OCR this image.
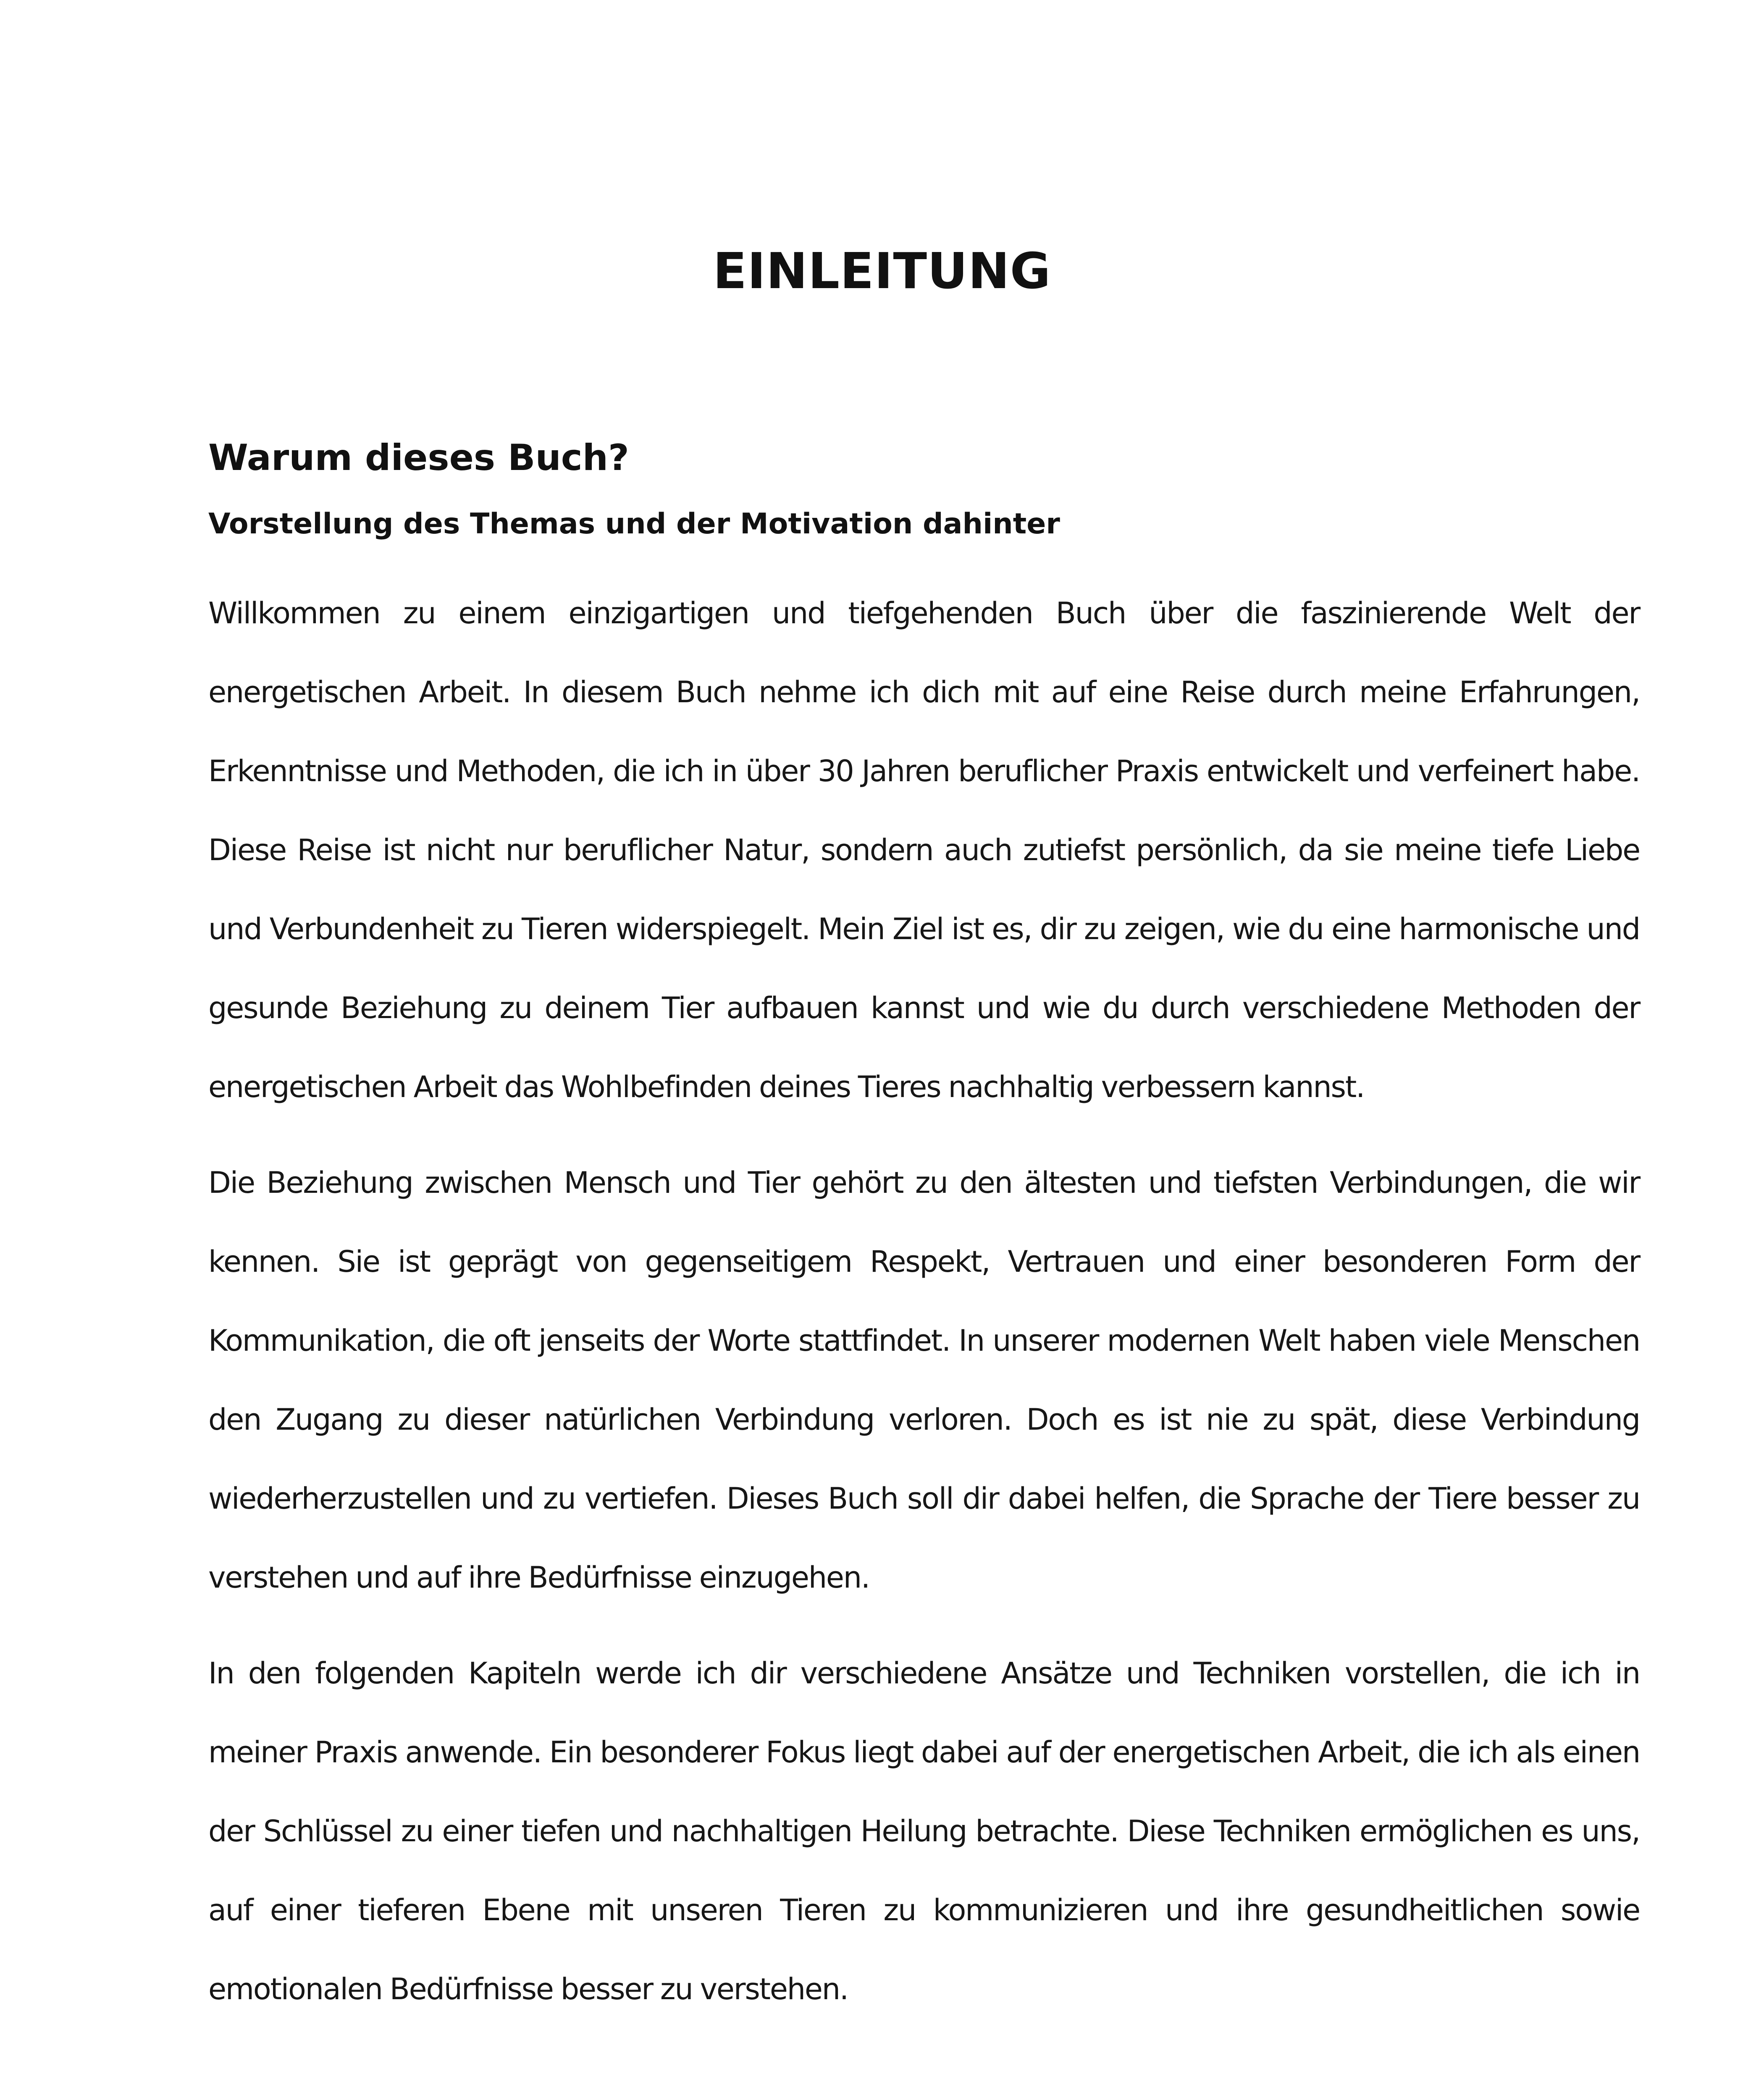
EINLEITUNG
Warum dieses Buch?
Vorstellung des Themas und der Motivation dahinter

Willkommen zu einem einzigartigen und tiefgehenden Buch über die faszinierende Welt der energetischen Arbeit. In diesem Buch nehme ich dich mit auf eine Reise durch meine Erfahrungen, Erkenntnisse und Methoden, die ich in über 30 Jahren beruflicher Praxis entwickelt und verfeinert habe. Diese Reise ist nicht nur beruflicher Natur, sondern auch zutiefst persönlich, da sie meine tiefe Liebe und Verbundenheit zu Tieren widerspiegelt. Mein Ziel ist es, dir zu zeigen, wie du eine harmonische und gesunde Beziehung zu deinem Tier aufbauen kannst und wie du durch verschiedene Methoden der energetischen Arbeit das Wohlbefinden deines Tieres nachhaltig verbessern kannst.

Die Beziehung zwischen Mensch und Tier gehört zu den ältesten und tiefsten Verbindungen, die wir kennen. Sie ist geprägt von gegenseitigem Respekt, Vertrauen und einer besonderen Form der Kommunikation, die oft jenseits der Worte stattfindet. In unserer modernen Welt haben viele Menschen den Zugang zu dieser natürlichen Verbindung verloren. Doch es ist nie zu spät, diese Verbindung wiederherzustellen und zu vertiefen. Dieses Buch soll dir dabei helfen, die Sprache der Tiere besser zu verstehen und auf ihre Bedürfnisse einzugehen.

In den folgenden Kapiteln werde ich dir verschiedene Ansätze und Techniken vorstellen, die ich in meiner Praxis anwende. Ein besonderer Fokus liegt dabei auf der energetischen Arbeit, die ich als einen der Schlüssel zu einer tiefen und nachhaltigen Heilung betrachte. Diese Techniken ermöglichen es uns, auf einer tieferen Ebene mit unseren Tieren zu kommunizieren und ihre gesundheitlichen sowie emotionalen Bedürfnisse besser zu verstehen.
